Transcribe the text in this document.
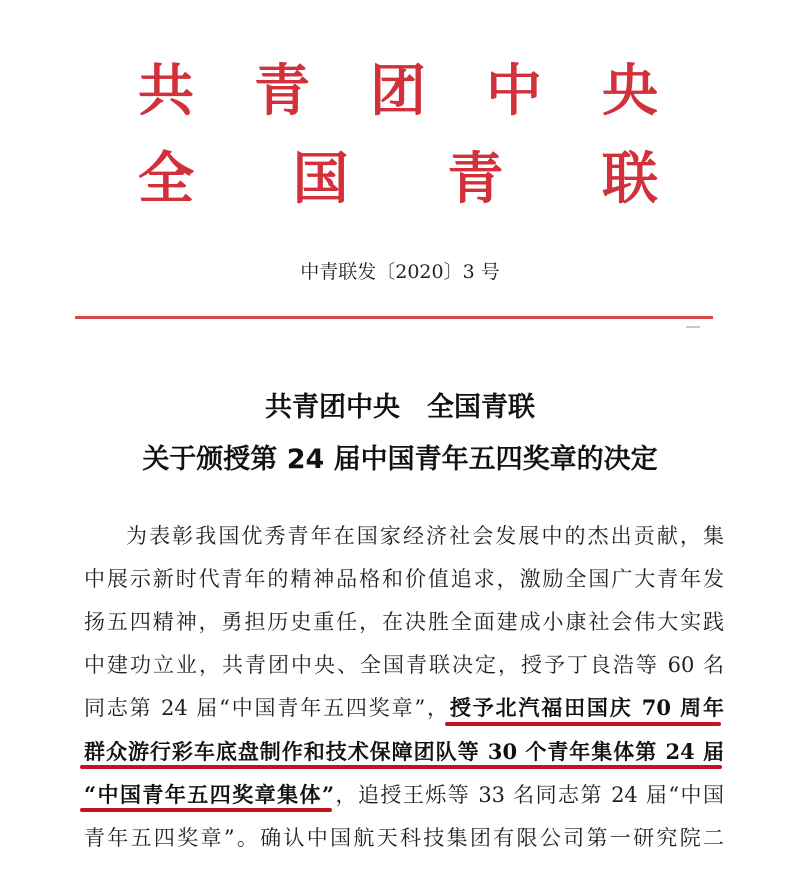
共 青 团 中 央
全 国 青 联
中青联发〔2020〕3 号
共青团中央　全国青联
关于颁授第 24 届中国青年五四奖章的决定
为表彰我国优秀青年在国家经济社会发展中的杰出贡献，集
中展示新时代青年的精神品格和价值追求，激励全国广大青年发
扬五四精神，勇担历史重任，在决胜全面建成小康社会伟大实践
中建功立业，共青团中央、全国青联决定，授予丁良浩等 60 名
同志第 24 届“中国青年五四奖章”，授予北汽福田国庆 70 周年
群众游行彩车底盘制作和技术保障团队等 30 个青年集体第 24 届
“中国青年五四奖章集体”，追授王烁等 33 名同志第 24 届“中国
青年五四奖章”。确认中国航天科技集团有限公司第一研究院二
